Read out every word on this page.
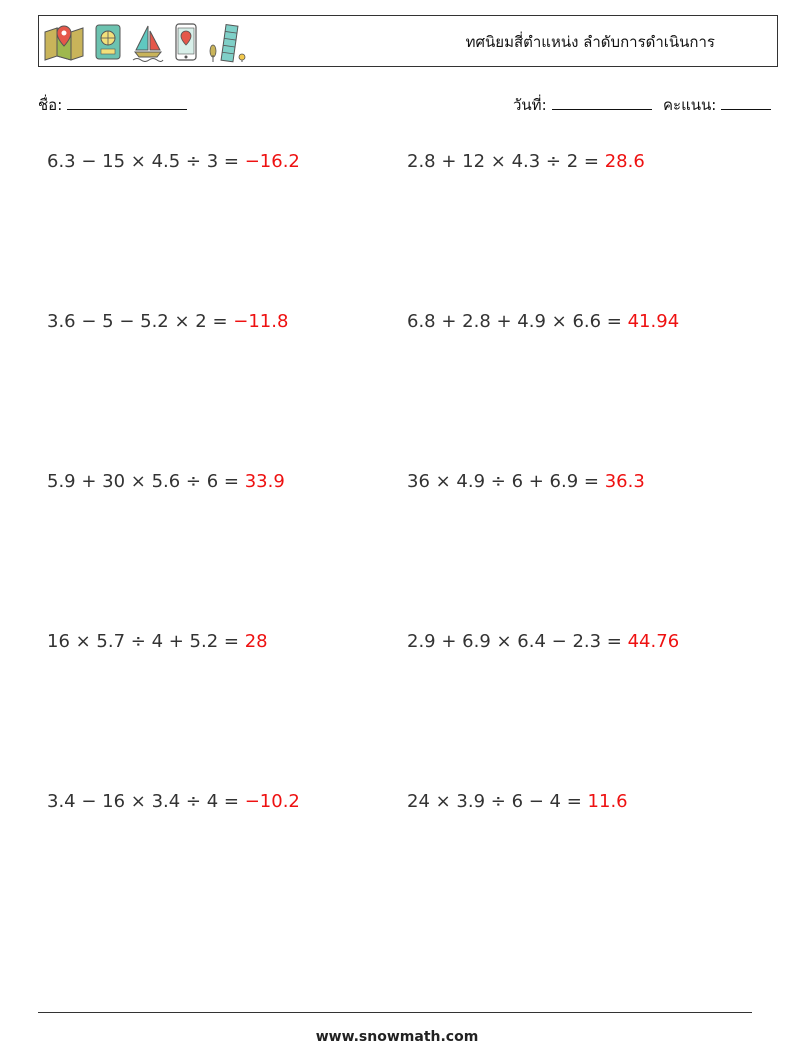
ทศนิยมสี่ตำแหน่ง ลำดับการดำเนินการ
ชื่อ:	วันที่:	คะแนน:
6.3 − 15 × 4.5 ÷ 3 = −16.2	2.8 + 12 × 4.3 ÷ 2 = 28.6
3.6 − 5 − 5.2 × 2 = −11.8	6.8 + 2.8 + 4.9 × 6.6 = 41.94
5.9 + 30 × 5.6 ÷ 6 = 33.9	36 × 4.9 ÷ 6 + 6.9 = 36.3
16 × 5.7 ÷ 4 + 5.2 = 28	2.9 + 6.9 × 6.4 − 2.3 = 44.76
3.4 − 16 × 3.4 ÷ 4 = −10.2	24 × 3.9 ÷ 6 − 4 = 11.6
www.snowmath.com
